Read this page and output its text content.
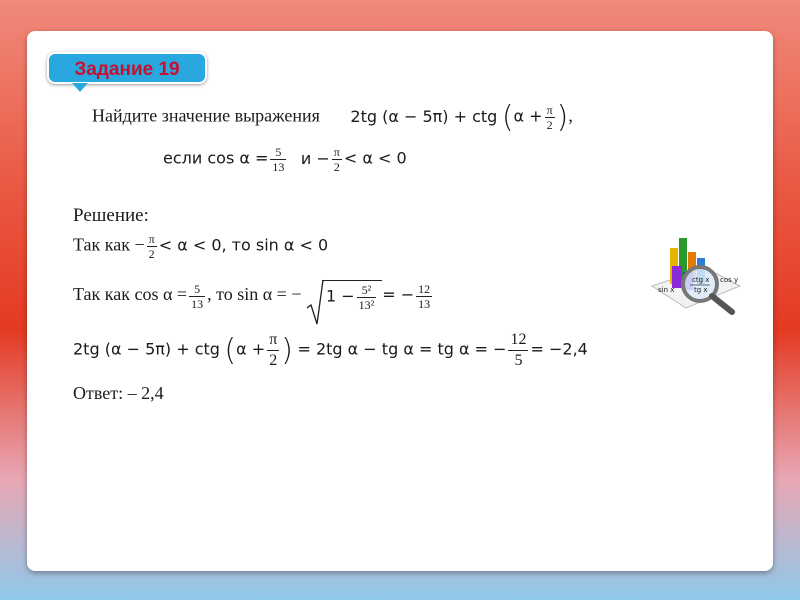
Задание 19
Найдите значение выражения 2tg (α − 5π) + ctg ($\alpha + \frac{\pi}{2}$ ),
если $\cos \alpha = \frac{5}{13}$ $и - \frac{\pi}{2} < \alpha < 0$
Решение:
Так как − $\frac{\pi}{2} < \alpha < 0$, то sin α < 0
Так как $\cos \alpha = \frac{5}{13}$ , то sin α = − $1 - \frac{\text{5²}}{\text{13²}}$ = − $\frac{12}{13}$
2tg (α − 5π) + ctg ($\alpha + \frac{\pi}{2}$ ) = 2tg α − tg α = tg α = − $\frac{12}{5} = -2,4$
Ответ: – 2,4
ctg x
tg x
sin x
cos y
